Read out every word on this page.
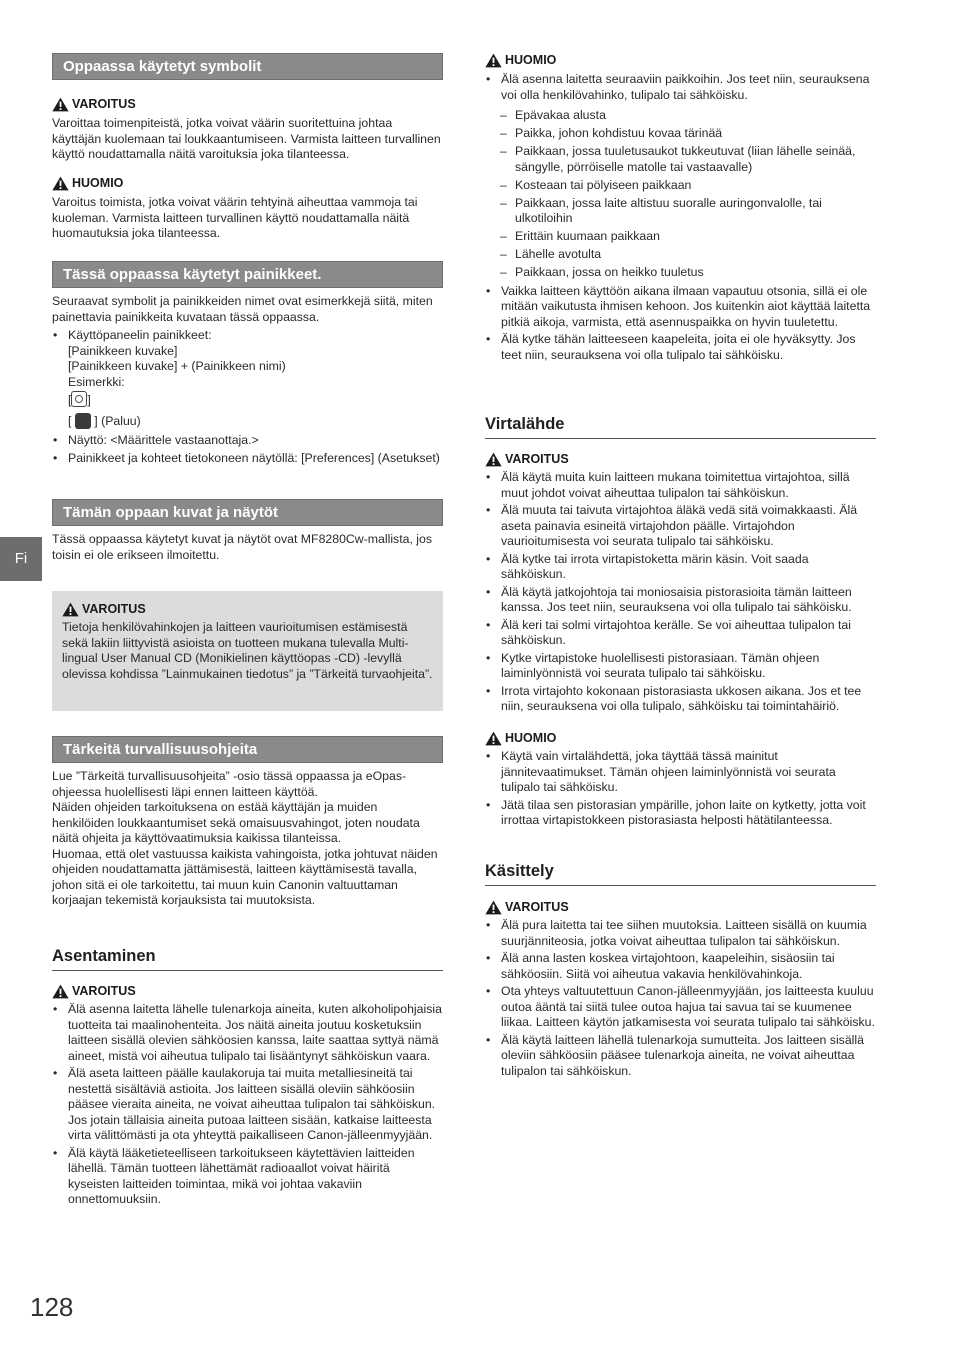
Fi
Oppaassa käytetyt symbolit
VAROITUS

Varoittaa toimenpiteistä, jotka voivat väärin suoritettuina johtaa käyttäjän kuolemaan tai loukkaantumiseen. Varmista laitteen turvallinen käyttö noudattamalla näitä varoituksia joka tilanteessa.

HUOMIO

Varoitus toimista, jotka voivat väärin tehtyinä aiheuttaa vammoja tai kuoleman. Varmista laitteen turvallinen käyttö noudattamalla näitä huomautuksia joka tilanteessa.

Tässä oppaassa käytetyt painikkeet.

Seuraavat symbolit ja painikkeiden nimet ovat esimerkkejä siitä, miten painettavia painikkeita kuvataan tässä oppaassa.

• Käyttöpaneelin painikkeet:
[Painikkeen kuvake]
[Painikkeen kuvake] + (Painikkeen nimi)
Esimerkki:
[ ]
[ ] (Paluu)
• Näyttö: <Määrittele vastaanottaja.>
• Painikkeet ja kohteet tietokoneen näytöllä: [Preferences] (Asetukset)
Tämän oppaan kuvat ja näytöt

Tässä oppaassa käytetyt kuvat ja näytöt ovat MF8280Cw-mallista, jos toisin ei ole erikseen ilmoitettu.

VAROITUS

Tietoja henkilövahinkojen ja laitteen vaurioitumisen estämisestä sekä lakiin liittyvistä asioista on tuotteen mukana tulevalla Multi-lingual User Manual CD (Monikielinen käyttöopas -CD) -levyllä olevissa kohdissa ”Lainmukainen tiedotus” ja ”Tärkeitä turvaohjeita”.

Tärkeitä turvallisuusohjeita

Lue ”Tärkeitä turvallisuusohjeita” -osio tässä oppaassa ja eOpas-ohjeessa huolellisesti läpi ennen laitteen käyttöä.

Näiden ohjeiden tarkoituksena on estää käyttäjän ja muiden henkilöiden loukkaantumiset sekä omaisuusvahingot, joten noudata näitä ohjeita ja käyttövaatimuksia kaikissa tilanteissa.

Huomaa, että olet vastuussa kaikista vahingoista, jotka johtuvat näiden ohjeiden noudattamatta jättämisestä, laitteen käyttämisestä tavalla, johon sitä ei ole tarkoitettu, tai muun kuin Canonin valtuuttaman korjaajan tekemistä korjauksista tai muutoksista.

Asentaminen
VAROITUS
• Älä asenna laitetta lähelle tulenarkoja aineita, kuten alkoholipohjaisia tuotteita tai maalinohenteita. Jos näitä aineita joutuu kosketuksiin laitteen sisällä olevien sähköosien kanssa, laite saattaa syttyä nämä aineet, mistä voi aiheutua tulipalo tai lisääntynyt sähköiskun vaara.
• Älä aseta laitteen päälle kaulakoruja tai muita metalliesineitä tai nestettä sisältäviä astioita. Jos laitteen sisällä oleviin sähköosiin pääsee vieraita aineita, ne voivat aiheuttaa tulipalon tai sähköiskun.
Jos jotain tällaisia aineita putoaa laitteen sisään, katkaise laitteesta virta välittömästi ja ota yhteyttä paikalliseen Canon-jälleenmyyjään.
• Älä käytä lääketieteelliseen tarkoitukseen käytettävien laitteiden lähellä. Tämän tuotteen lähettämät radioaallot voivat häiritä kyseisten laitteiden toimintaa, mikä voi johtaa vakaviin onnettomuuksiin.
HUOMIO
• Älä asenna laitetta seuraaviin paikkoihin. Jos teet niin, seurauksena voi olla henkilövahinko, tulipalo tai sähköisku.
– Epävakaa alusta
– Paikka, johon kohdistuu kovaa tärinää
– Paikkaan, jossa tuuletusaukot tukkeutuvat (liian lähelle seinää, sängylle, pörröiselle matolle tai vastaavalle)
– Kosteaan tai pölyiseen paikkaan
– Paikkaan, jossa laite altistuu suoralle auringonvalolle, tai ulkotiloihin
– Erittäin kuumaan paikkaan
– Lähelle avotulta
– Paikkaan, jossa on heikko tuuletus
• Vaikka laitteen käyttöön aikana ilmaan vapautuu otsonia, sillä ei ole mitään vaikutusta ihmisen kehoon. Jos kuitenkin aiot käyttää laitetta pitkiä aikoja, varmista, että asennuspaikka on hyvin tuuletettu.
• Älä kytke tähän laitteeseen kaapeleita, joita ei ole hyväksytty. Jos teet niin, seurauksena voi olla tulipalo tai sähköisku.
Virtalähde
VAROITUS
• Älä käytä muita kuin laitteen mukana toimitettua virtajohtoa, sillä muut johdot voivat aiheuttaa tulipalon tai sähköiskun.
• Älä muuta tai taivuta virtajohtoa äläkä vedä sitä voimakkaasti. Älä aseta painavia esineitä virtajohdon päälle. Virtajohdon vaurioitumisesta voi seurata tulipalo tai sähköisku.
• Älä kytke tai irrota virtapistoketta märin käsin. Voit saada sähköiskun.
• Älä käytä jatkojohtoja tai moniosaisia pistorasioita tämän laitteen kanssa. Jos teet niin, seurauksena voi olla tulipalo tai sähköisku.
• Älä keri tai solmi virtajohtoa kerälle. Se voi aiheuttaa tulipalon tai sähköiskun.
• Kytke virtapistoke huolellisesti pistorasiaan. Tämän ohjeen laiminlyönnistä voi seurata tulipalo tai sähköisku.
• Irrota virtajohto kokonaan pistorasiasta ukkosen aikana. Jos et tee niin, seurauksena voi olla tulipalo, sähköisku tai toimintahäiriö.
HUOMIO
• Käytä vain virtalähdettä, joka täyttää tässä mainitut jännitevaatimukset. Tämän ohjeen laiminlyönnistä voi seurata tulipalo tai sähköisku.
• Jätä tilaa sen pistorasian ympärille, johon laite on kytketty, jotta voit irrottaa virtapistokkeen pistorasiasta helposti hätätilanteessa.
Käsittely
VAROITUS
• Älä pura laitetta tai tee siihen muutoksia. Laitteen sisällä on kuumia suurjänniteosia, jotka voivat aiheuttaa tulipalon tai sähköiskun.
• Älä anna lasten koskea virtajohtoon, kaapeleihin, sisäosiin tai sähköosiin. Siitä voi aiheutua vakavia henkilövahinkoja.
• Ota yhteys valtuutettuun Canon-jälleenmyyjään, jos laitteesta kuuluu outoa ääntä tai siitä tulee outoa hajua tai savua tai se kuumenee liikaa. Laitteen käytön jatkamisesta voi seurata tulipalo tai sähköisku.
• Älä käytä laitteen lähellä tulenarkoja sumutteita. Jos laitteen sisällä oleviin sähköosiin pääsee tulenarkoja aineita, ne voivat aiheuttaa tulipalon tai sähköiskun.
128
